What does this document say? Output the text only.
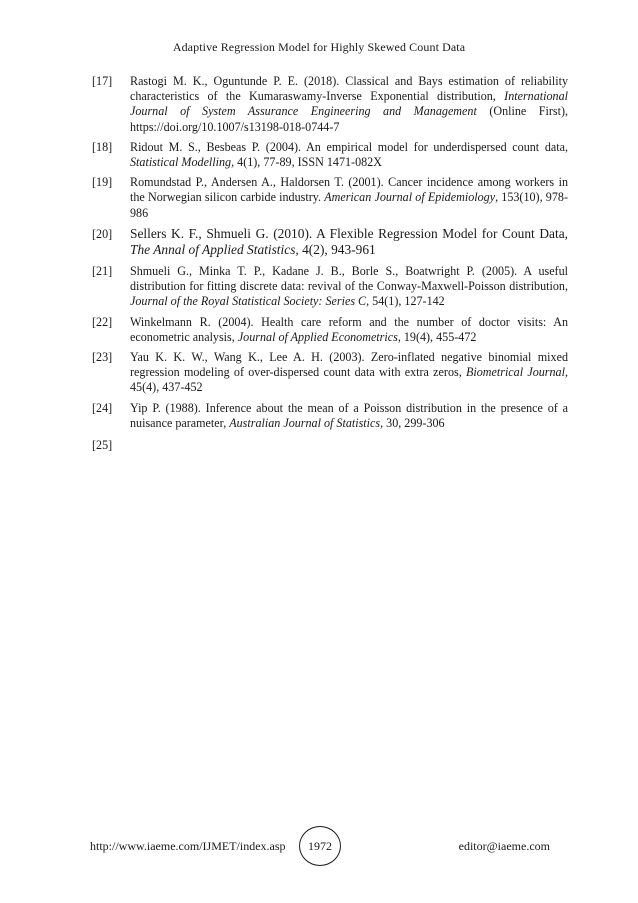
Adaptive Regression Model for Highly Skewed Count Data
[17]	Rastogi M. K., Oguntunde P. E. (2018). Classical and Bays estimation of reliability characteristics of the Kumaraswamy-Inverse Exponential distribution, International Journal of System Assurance Engineering and Management (Online First), https://doi.org/10.1007/s13198-018-0744-7
[18]	Ridout M. S., Besbeas P. (2004). An empirical model for underdispersed count data, Statistical Modelling, 4(1), 77-89, ISSN 1471-082X
[19]	Romundstad P., Andersen A., Haldorsen T. (2001). Cancer incidence among workers in the Norwegian silicon carbide industry. American Journal of Epidemiology, 153(10), 978-986
[20]	Sellers K. F., Shmueli G. (2010). A Flexible Regression Model for Count Data, The Annal of Applied Statistics, 4(2), 943-961
[21]	Shmueli G., Minka T. P., Kadane J. B., Borle S., Boatwright P. (2005). A useful distribution for fitting discrete data: revival of the Conway-Maxwell-Poisson distribution, Journal of the Royal Statistical Society: Series C, 54(1), 127-142
[22]	Winkelmann R. (2004). Health care reform and the number of doctor visits: An econometric analysis, Journal of Applied Econometrics, 19(4), 455-472
[23]	Yau K. K. W., Wang K., Lee A. H. (2003). Zero-inflated negative binomial mixed regression modeling of over-dispersed count data with extra zeros, Biometrical Journal, 45(4), 437-452
[24]	Yip P. (1988). Inference about the mean of a Poisson distribution in the presence of a nuisance parameter, Australian Journal of Statistics, 30, 299-306
[25]
http://www.iaeme.com/IJMET/index.asp 1972	editor@iaeme.com
